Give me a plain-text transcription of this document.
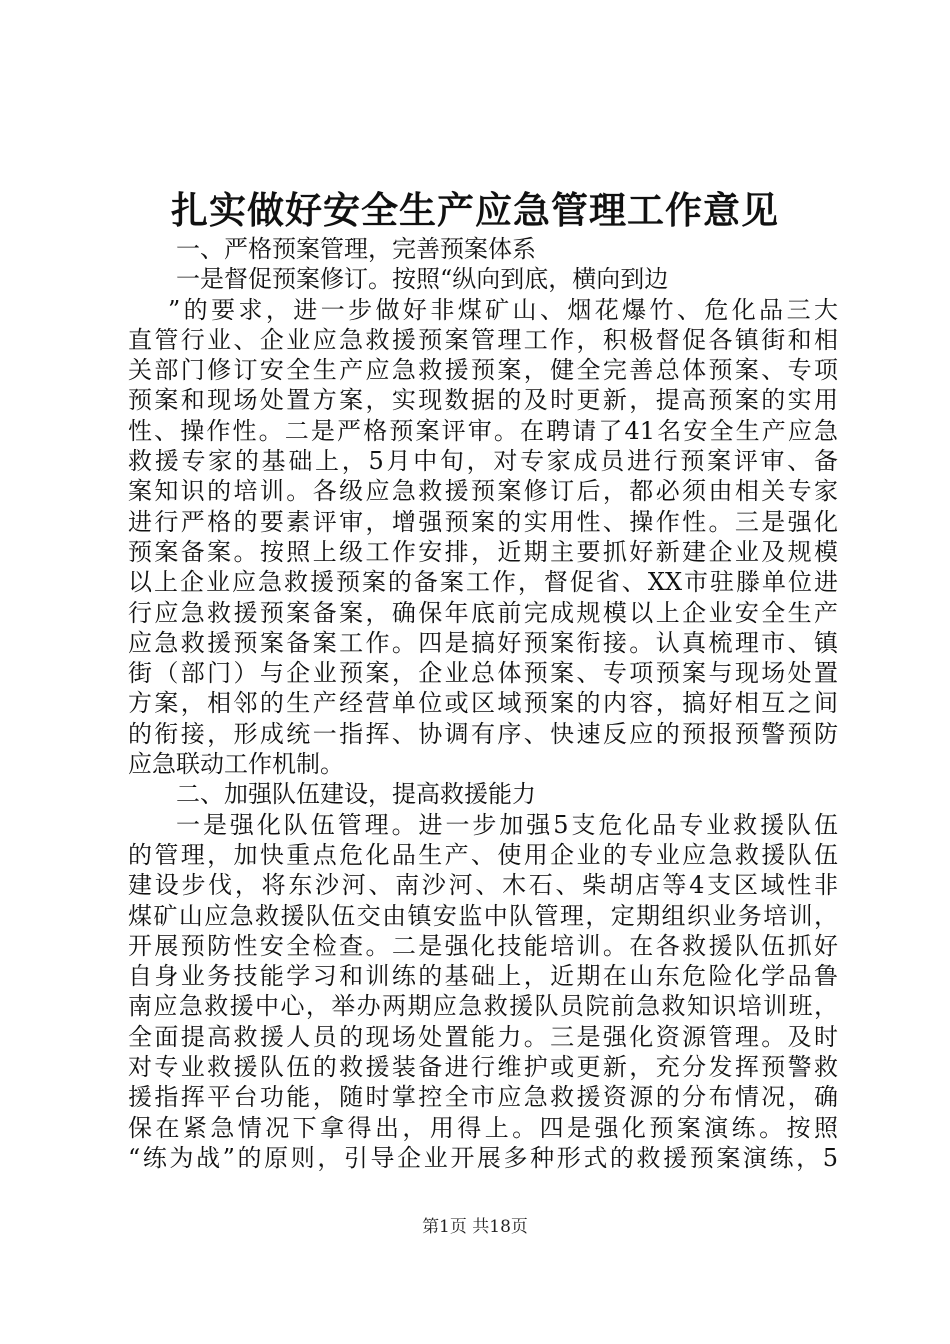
扎实做好安全生产应急管理工作意见
一、严格预案管理，完善预案体系
一是督促预案修订。按照“纵向到底，横向到边
”的要求，进一步做好非煤矿山、烟花爆竹、危化品三大
直管行业、企业应急救援预案管理工作，积极督促各镇街和相
关部门修订安全生产应急救援预案，健全完善总体预案、专项
预案和现场处置方案，实现数据的及时更新，提高预案的实用
性、操作性。二是严格预案评审。在聘请了41名安全生产应急
救援专家的基础上，5月中旬，对专家成员进行预案评审、备
案知识的培训。各级应急救援预案修订后，都必须由相关专家
进行严格的要素评审，增强预案的实用性、操作性。三是强化
预案备案。按照上级工作安排，近期主要抓好新建企业及规模
以上企业应急救援预案的备案工作，督促省、XX市驻滕单位进
行应急救援预案备案，确保年底前完成规模以上企业安全生产
应急救援预案备案工作。四是搞好预案衔接。认真梳理市、镇
街（部门）与企业预案，企业总体预案、专项预案与现场处置
方案，相邻的生产经营单位或区域预案的内容，搞好相互之间
的衔接，形成统一指挥、协调有序、快速反应的预报预警预防
应急联动工作机制。
二、加强队伍建设，提高救援能力
一是强化队伍管理。进一步加强5支危化品专业救援队伍
的管理，加快重点危化品生产、使用企业的专业应急救援队伍
建设步伐，将东沙河、南沙河、木石、柴胡店等4支区域性非
煤矿山应急救援队伍交由镇安监中队管理，定期组织业务培训，
开展预防性安全检查。二是强化技能培训。在各救援队伍抓好
自身业务技能学习和训练的基础上，近期在山东危险化学品鲁
南应急救援中心，举办两期应急救援队员院前急救知识培训班，
全面提高救援人员的现场处置能力。三是强化资源管理。及时
对专业救援队伍的救援装备进行维护或更新，充分发挥预警救
援指挥平台功能，随时掌控全市应急救援资源的分布情况，确
保在紧急情况下拿得出，用得上。四是强化预案演练。按照
“练为战”的原则，引导企业开展多种形式的救援预案演练，5
第1页 共18页
